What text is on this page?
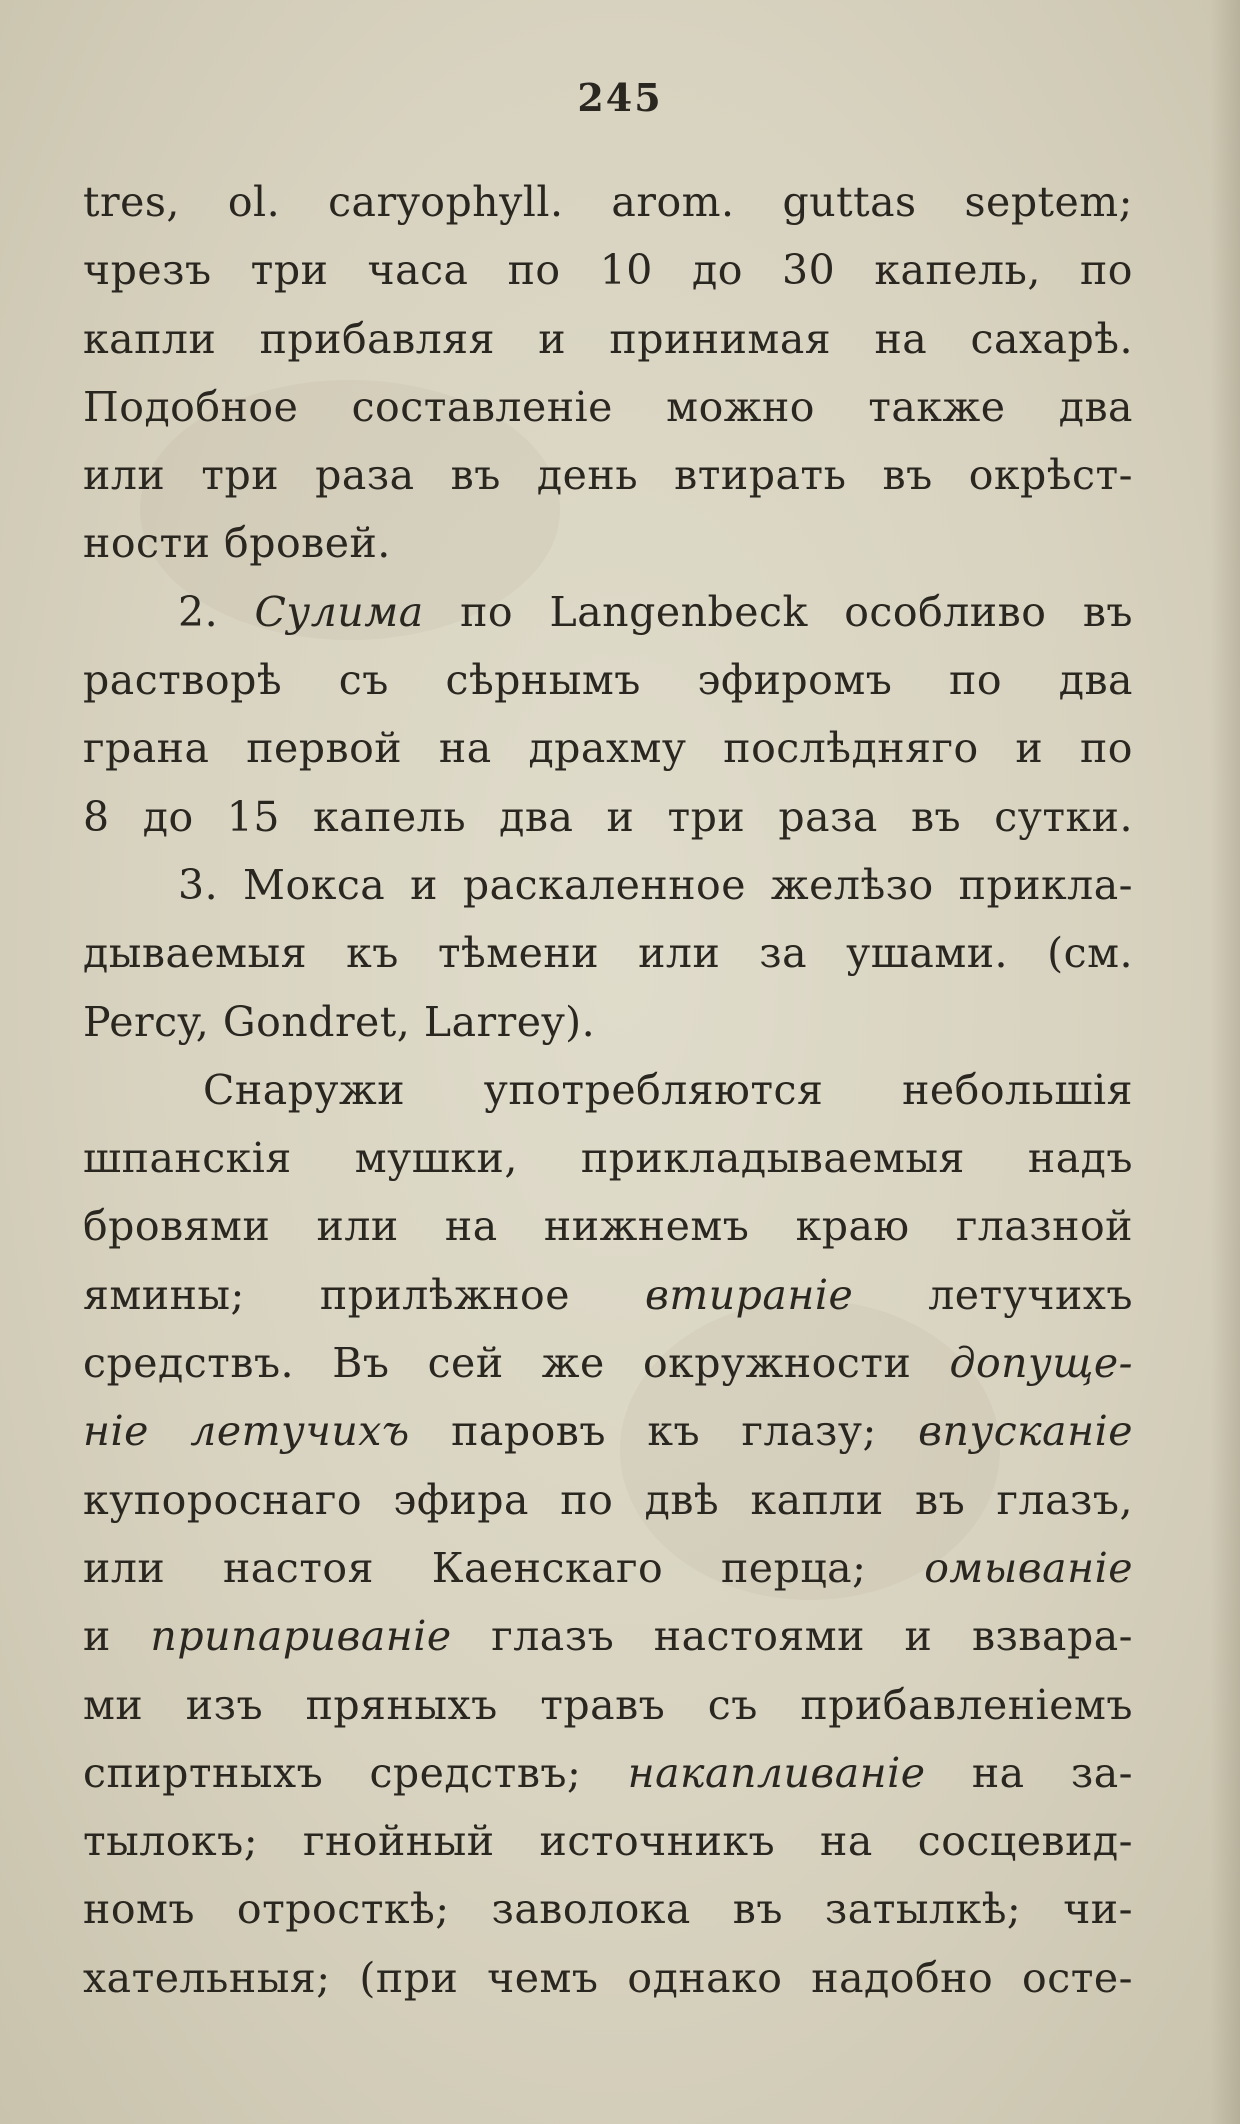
245
tres, ol. caryophyll. arom. guttas septem;
чрезъ три часа по 10 до 30 капель, по
капли прибавляя и принимая на сахарѣ.
Подобное составленіе можно также два
или три раза въ день втирать въ окрѣст-
ности бровей.
2. Сулима по Langenbeck особливо въ
растворѣ съ сѣрнымъ эфиромъ по два
грана первой на драхму послѣдняго и по
8 до 15 капель два и три раза въ сутки.
3. Мокса и раскаленное желѣзо прикла-
дываемыя къ тѣмени или за ушами. (см.
Percy, Gondret, Larrey).
Снаружи употребляются небольшія
шпанскія мушки, прикладываемыя надъ
бровями или на нижнемъ краю глазной
ямины; прилѣжное втираніе летучихъ
средствъ. Въ сей же окружности допуще-
ніе летучихъ паровъ къ глазу; впусканіе
купороснаго эфира по двѣ капли въ глазъ,
или настоя Каенскаго перца; омываніе
и припариваніе глазъ настоями и взвара-
ми изъ пряныхъ травъ съ прибавленіемъ
спиртныхъ средствъ; накапливаніе на за-
тылокъ; гнойный источникъ на сосцевид-
номъ отросткѣ; заволока въ затылкѣ; чи-
хательныя; (при чемъ однако надобно осте-
